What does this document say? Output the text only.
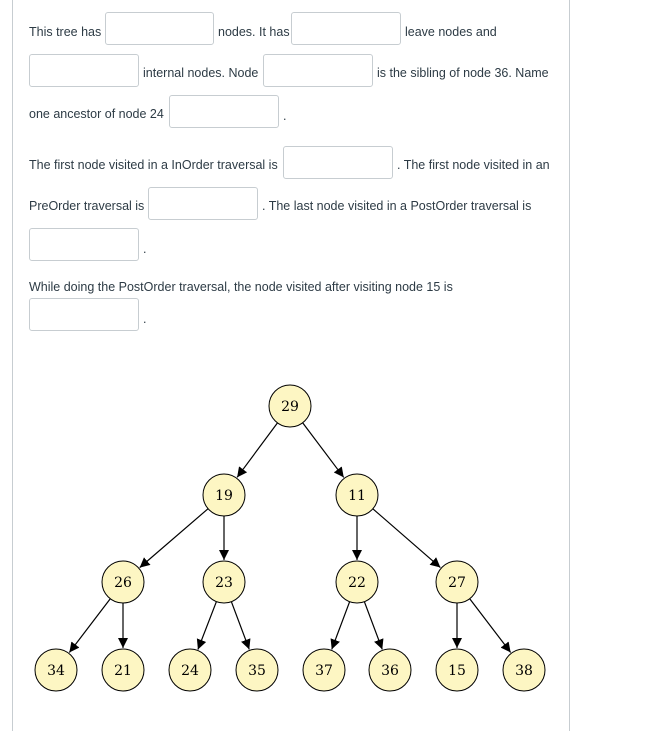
This tree has	nodes. It has	leave nodes and
internal nodes. Node	is the sibling of node 36. Name
one ancestor of node 24	.
The first node visited in a InOrder traversal is	. The first node visited in an
PreOrder traversal is	. The last node visited in a PostOrder traversal is
.
While doing the PostOrder traversal, the node visited after visiting node 15 is
.
29
19	11
26	23	22	27
34	21	24	35	37	36	15	38
